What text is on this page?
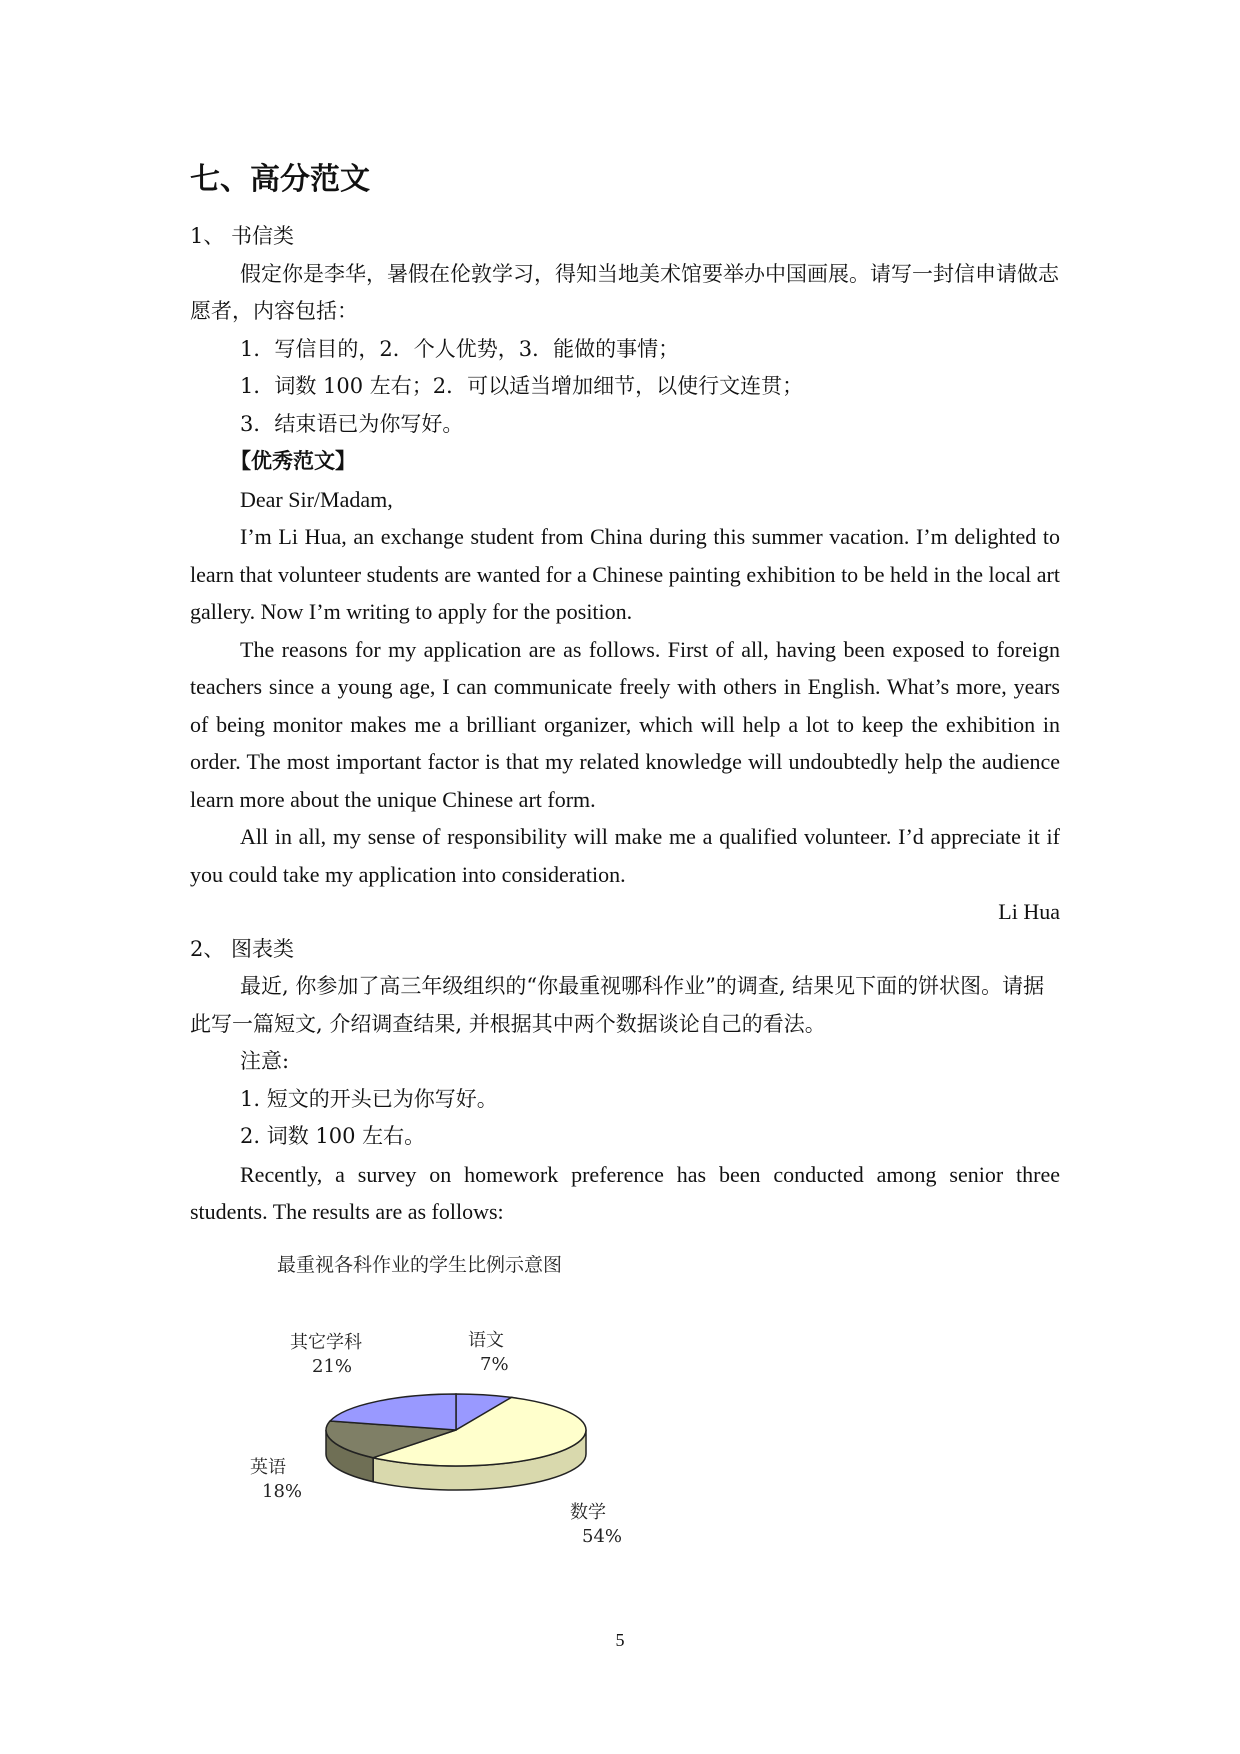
七、高分范文

1、 书信类

假定你是李华，暑假在伦敦学习，得知当地美术馆要举办中国画展。请写一封信申请做志愿者，内容包括：

1．写信目的，2．个人优势，3．能做的事情；

1．词数 100 左右；2．可以适当增加细节，以使行文连贯；

3．结束语已为你写好。

【优秀范文】

Dear Sir/Madam,

I’m Li Hua, an exchange student from China during this summer vacation. I’m delighted to learn that volunteer students are wanted for a Chinese painting exhibition to be held in the local art gallery. Now I’m writing to apply for the position.

The reasons for my application are as follows. First of all, having been exposed to foreign teachers since a young age, I can communicate freely with others in English. What’s more, years of being monitor makes me a brilliant organizer, which will help a lot to keep the exhibition in order. The most important factor is that my related knowledge will undoubtedly help the audience learn more about the unique Chinese art form.

All in all, my sense of responsibility will make me a qualified volunteer. I’d appreciate it if you could take my application into consideration.

Li Hua

2、 图表类

最近, 你参加了高三年级组织的“你最重视哪科作业”的调查, 结果见下面的饼状图。请据此写一篇短文, 介绍调查结果, 并根据其中两个数据谈论自己的看法。

注意:

1. 短文的开头已为你写好。

2. 词数 100 左右。

Recently, a survey on homework preference has been conducted among senior three students. The results are as follows:

最重视各科作业的学生比例示意图
语文
7%
数学
54%
英语
18%
其它学科
21%
5
